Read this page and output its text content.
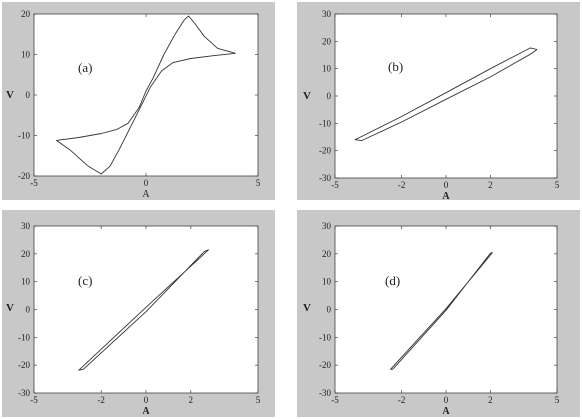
-5	0	5
-20
-10
0
10
20
A
V
(a)
-5	-2	0	2	5
-30
-20
-10
0
10
20
30
A
V
(b)
-5	-2	0	2	5
-30
-20
-10
0
10
20
30
A
V
(c)
-5	-2	0	2	5
-30
-20
-10
0
10
20
30
A
V
(d)
